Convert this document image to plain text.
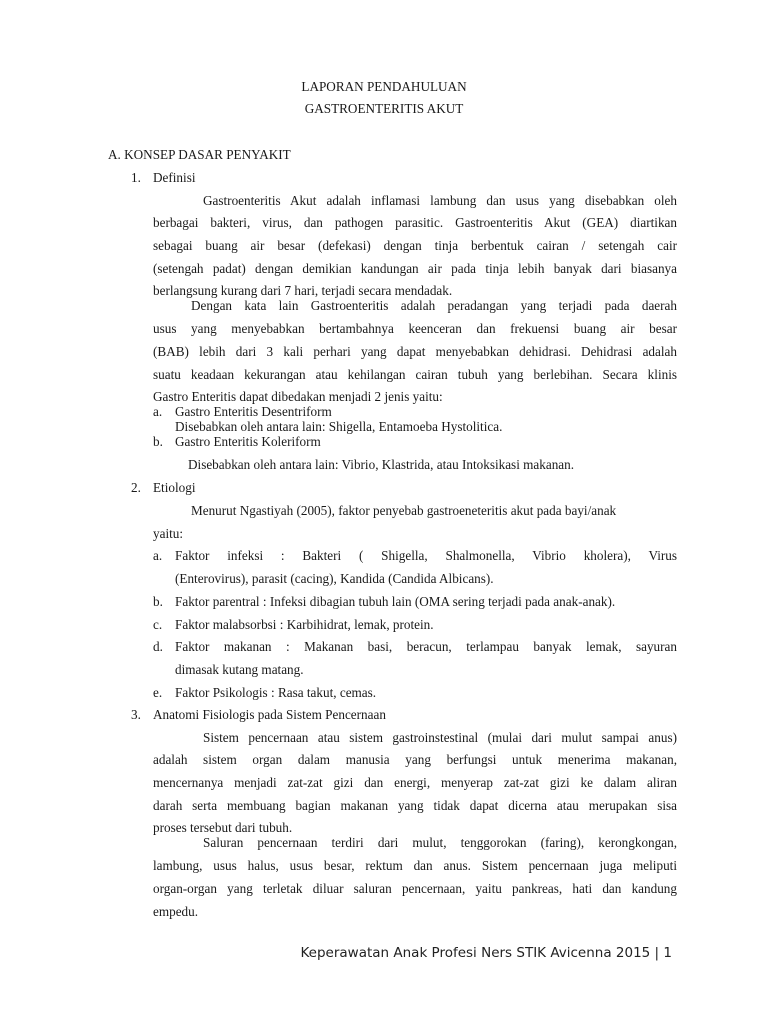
LAPORAN PENDAHULUAN
GASTROENTERITIS AKUT
A. KONSEP DASAR PENYAKIT
1. Definisi
Gastroenteritis Akut adalah inflamasi lambung dan usus yang disebabkan oleh
berbagai bakteri, virus, dan pathogen parasitic. Gastroenteritis Akut (GEA) diartikan
sebagai buang air besar (defekasi) dengan tinja berbentuk cairan / setengah cair
(setengah padat) dengan demikian kandungan air pada tinja lebih banyak dari biasanya
berlangsung kurang dari 7 hari, terjadi secara mendadak.
Dengan kata lain Gastroenteritis adalah peradangan yang terjadi pada daerah
usus yang menyebabkan bertambahnya keenceran dan frekuensi buang air besar
(BAB) lebih dari 3 kali perhari yang dapat menyebabkan dehidrasi. Dehidrasi adalah
suatu keadaan kekurangan atau kehilangan cairan tubuh yang berlebihan. Secara klinis
Gastro Enteritis dapat dibedakan menjadi 2 jenis yaitu:
a. Gastro Enteritis Desentriform
Disebabkan oleh antara lain: Shigella, Entamoeba Hystolitica.
b. Gastro Enteritis Koleriform
Disebabkan oleh antara lain: Vibrio, Klastrida, atau Intoksikasi makanan.
2. Etiologi
Menurut Ngastiyah (2005), faktor penyebab gastroeneteritis akut pada bayi/anak
yaitu:
a. Faktor infeksi : Bakteri ( Shigella, Shalmonella, Vibrio kholera), Virus
(Enterovirus), parasit (cacing), Kandida (Candida Albicans).
b. Faktor parentral : Infeksi dibagian tubuh lain (OMA sering terjadi pada anak-anak).
c. Faktor malabsorbsi : Karbihidrat, lemak, protein.
d. Faktor makanan : Makanan basi, beracun, terlampau banyak lemak, sayuran
dimasak kutang matang.
e. Faktor Psikologis : Rasa takut, cemas.
3. Anatomi Fisiologis pada Sistem Pencernaan
Sistem pencernaan atau sistem gastroinstestinal (mulai dari mulut sampai anus)
adalah sistem organ dalam manusia yang berfungsi untuk menerima makanan,
mencernanya menjadi zat-zat gizi dan energi, menyerap zat-zat gizi ke dalam aliran
darah serta membuang bagian makanan yang tidak dapat dicerna atau merupakan sisa
proses tersebut dari tubuh.
Saluran pencernaan terdiri dari mulut, tenggorokan (faring), kerongkongan,
lambung, usus halus, usus besar, rektum dan anus. Sistem pencernaan juga meliputi
organ-organ yang terletak diluar saluran pencernaan, yaitu pankreas, hati dan kandung
empedu.
Keperawatan Anak Profesi Ners STIK Avicenna 2015 | 1
